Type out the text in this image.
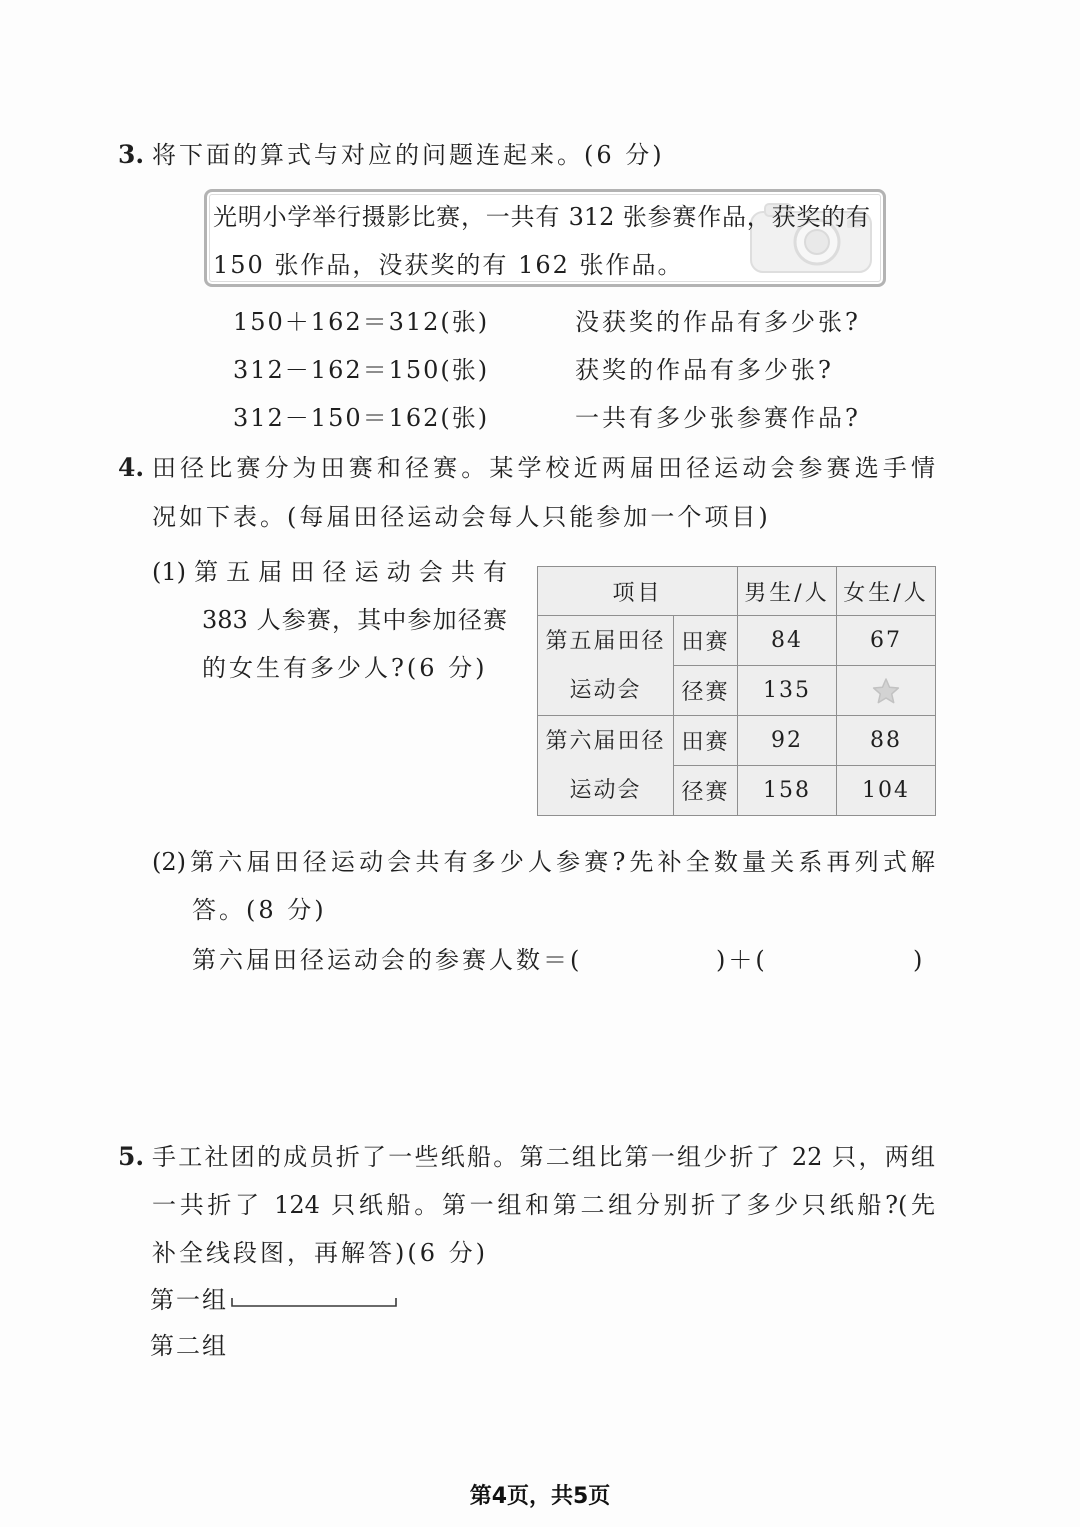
3. 将下面的算式与对应的问题连起来。(6 分)
光明小学举行摄影比赛，一共有 312 张参赛作品，获奖的有
150 张作品，没获奖的有 162 张作品。
150＋162＝312(张)
312－162＝150(张)
312－150＝162(张)
没获奖的作品有多少张?
获奖的作品有多少张?
一共有多少张参赛作品?
4. 田径比赛分为田赛和径赛。某学校近两届田径运动会参赛选手情
况如下表。(每届田径运动会每人只能参加一个项目)
(1)第五届田径运动会共有
383 人参赛，其中参加径赛
的女生有多少人?(6 分)
项目		男生/人	女生/人

第五届田径
运动会	田赛	84	67
	径赛	135	

第六届田径
运动会	田赛	92	88
	径赛	158	104
(2)第六届田径运动会共有多少人参赛?先补全数量关系再列式解
答。(8 分)
第六届田径运动会的参赛人数＝(	)＋(	)
5. 手工社团的成员折了一些纸船。第二组比第一组少折了 22 只，两组
一共折了 124 只纸船。第一组和第二组分别折了多少只纸船?(先
补全线段图，再解答)(6 分)
第一组
第二组
第4页，共5页
